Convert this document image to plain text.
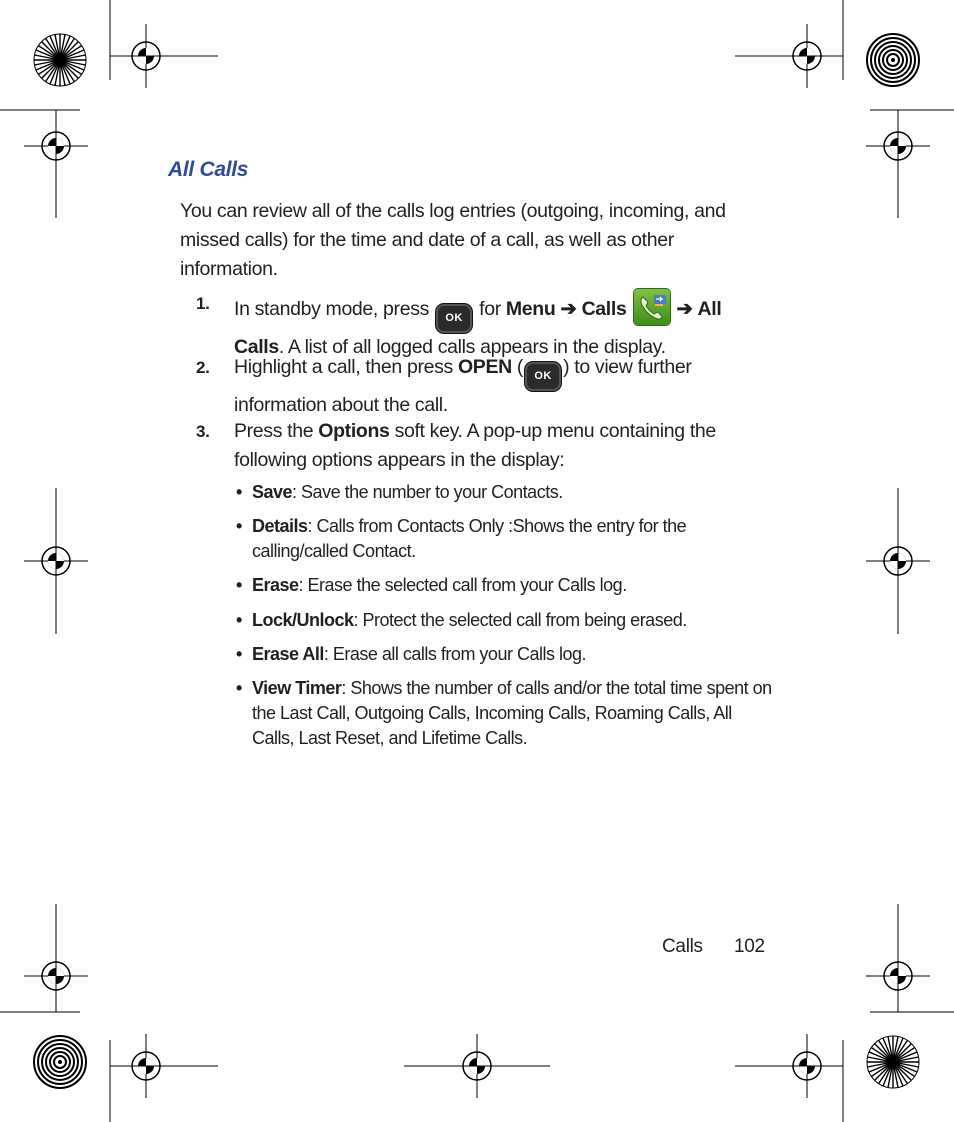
All Calls
You can review all of the calls log entries (outgoing, incoming, and missed calls) for the time and date of a call, as well as other information.
1. In standby mode, press OK for Menu ➔ Calls	➔ All Calls. A list of all logged calls appears in the display.
2. Highlight a call, then press OPEN ( OK ) to view further information about the call.
3. Press the Options soft key. A pop-up menu containing the following options appears in the display:
• Save: Save the number to your Contacts.
• Details: Calls from Contacts Only :Shows the entry for the calling/called Contact.
• Erase: Erase the selected call from your Calls log.
• Lock/Unlock: Protect the selected call from being erased.
• Erase All: Erase all calls from your Calls log.
• View Timer: Shows the number of calls and/or the total time spent on the Last Call, Outgoing Calls, Incoming Calls, Roaming Calls, All Calls, Last Reset, and Lifetime Calls.
Calls 102
